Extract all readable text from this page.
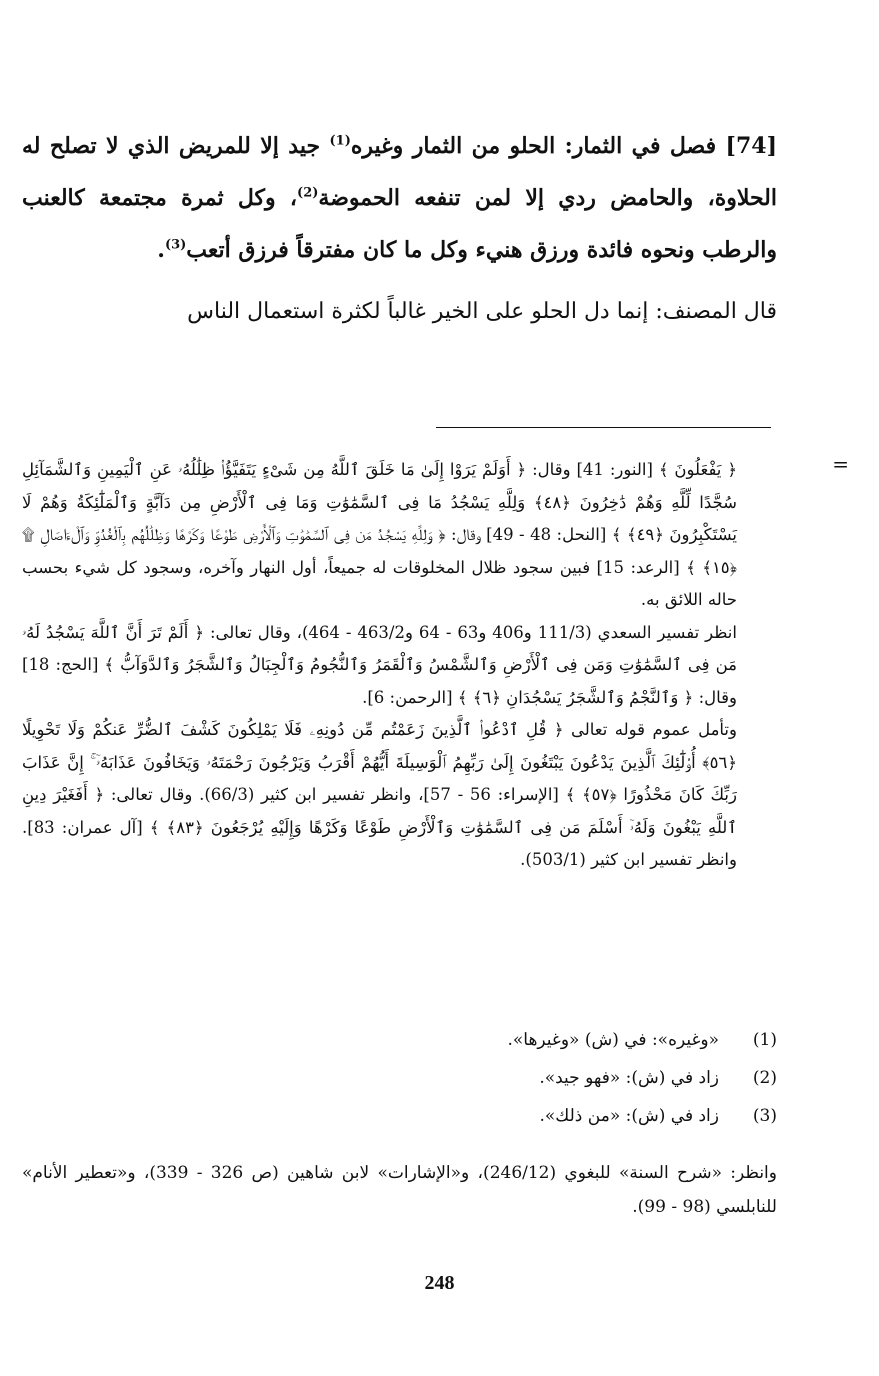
[74] فصل في الثمار: الحلو من الثمار وغيره$^{(1)}$ جيد إلا للمريض الذي لا تصلح له الحلاوة، والحامض ردي إلا لمن تنفعه الحموضة$^{(2)}$، وكل ثمرة مجتمعة كالعنب والرطب ونحوه فائدة ورزق هنيء وكل ما كان مفترقاً فرزق أتعب$^{(3)}$.

قال المصنف: إنما دل الحلو على الخير غالباً لكثرة استعمال الناس

=

﴿ يَفْعَلُونَ ﴾ [النور: 41] وقال: ﴿ أَوَلَمْ يَرَوْا إِلَىٰ مَا خَلَقَ ٱللَّهُ مِن شَىْءٍ يَتَفَيَّؤُا۟ ظِلَٰلُهُۥ عَنِ ٱلْيَمِينِ وَٱلشَّمَآئِلِ سُجَّدًا لِّلَّهِ وَهُمْ دَٰخِرُونَ ﴿٤٨﴾ وَلِلَّهِ يَسْجُدُ مَا فِى ٱلسَّمَٰوَٰتِ وَمَا فِى ٱلْأَرْضِ مِن دَآبَّةٍ وَٱلْمَلَٰٓئِكَةُ وَهُمْ لَا يَسْتَكْبِرُونَ ﴿٤٩﴾ ﴾ [النحل: 48 - 49] وقال: ﴿ وَلِلَّهِ يَسْجُدُ مَن فِى ٱلسَّمَٰوَٰتِ وَٱلْأَرْضِ طَوْعًا وَكَرْهًا وَظِلَٰلُهُم بِٱلْغُدُوِّ وَٱلْءَاصَالِ ۩ ﴿١٥﴾ ﴾ [الرعد: 15] فبين سجود ظلال المخلوقات له جميعاً، أول النهار وآخره، وسجود كل شيء بحسب حاله اللائق به.

انظر تفسير السعدي (111/3 و406 و63 - 64 و463/2 - 464)، وقال تعالى: ﴿ أَلَمْ تَرَ أَنَّ ٱللَّهَ يَسْجُدُ لَهُۥ مَن فِى ٱلسَّمَٰوَٰتِ وَمَن فِى ٱلْأَرْضِ وَٱلشَّمْسُ وَٱلْقَمَرُ وَٱلنُّجُومُ وَٱلْجِبَالُ وَٱلشَّجَرُ وَٱلدَّوَآبُّ ﴾ [الحج: 18] وقال: ﴿ وَٱلنَّجْمُ وَٱلشَّجَرُ يَسْجُدَانِ ﴿٦﴾ ﴾ [الرحمن: 6].

وتأمل عموم قوله تعالى ﴿ قُلِ ٱدْعُوا۟ ٱلَّذِينَ زَعَمْتُم مِّن دُونِهِۦ فَلَا يَمْلِكُونَ كَشْفَ ٱلضُّرِّ عَنكُمْ وَلَا تَحْوِيلًا ﴿٥٦﴾ أُو۟لَٰٓئِكَ ٱلَّذِينَ يَدْعُونَ يَبْتَغُونَ إِلَىٰ رَبِّهِمُ ٱلْوَسِيلَةَ أَيُّهُمْ أَقْرَبُ وَيَرْجُونَ رَحْمَتَهُۥ وَيَخَافُونَ عَذَابَهُۥٓ ۚ إِنَّ عَذَابَ رَبِّكَ كَانَ مَحْذُورًا ﴿٥٧﴾ ﴾ [الإسراء: 56 - 57]، وانظر تفسير ابن كثير (66/3). وقال تعالى: ﴿ أَفَغَيْرَ دِينِ ٱللَّهِ يَبْغُونَ وَلَهُۥٓ أَسْلَمَ مَن فِى ٱلسَّمَٰوَٰتِ وَٱلْأَرْضِ طَوْعًا وَكَرْهًا وَإِلَيْهِ يُرْجَعُونَ ﴿٨٣﴾ ﴾ [آل عمران: 83]. وانظر تفسير ابن كثير (503/1).

(1)
«وغيره»: في (ش) «وغيرها».
(2)
زاد في (ش): «فهو جيد».
(3)
زاد في (ش): «من ذلك».
وانظر: «شرح السنة» للبغوي (246/12)، و«الإشارات» لابن شاهين (ص 326 - 339)، و«تعطير الأنام» للنابلسي (98 - 99).
248
